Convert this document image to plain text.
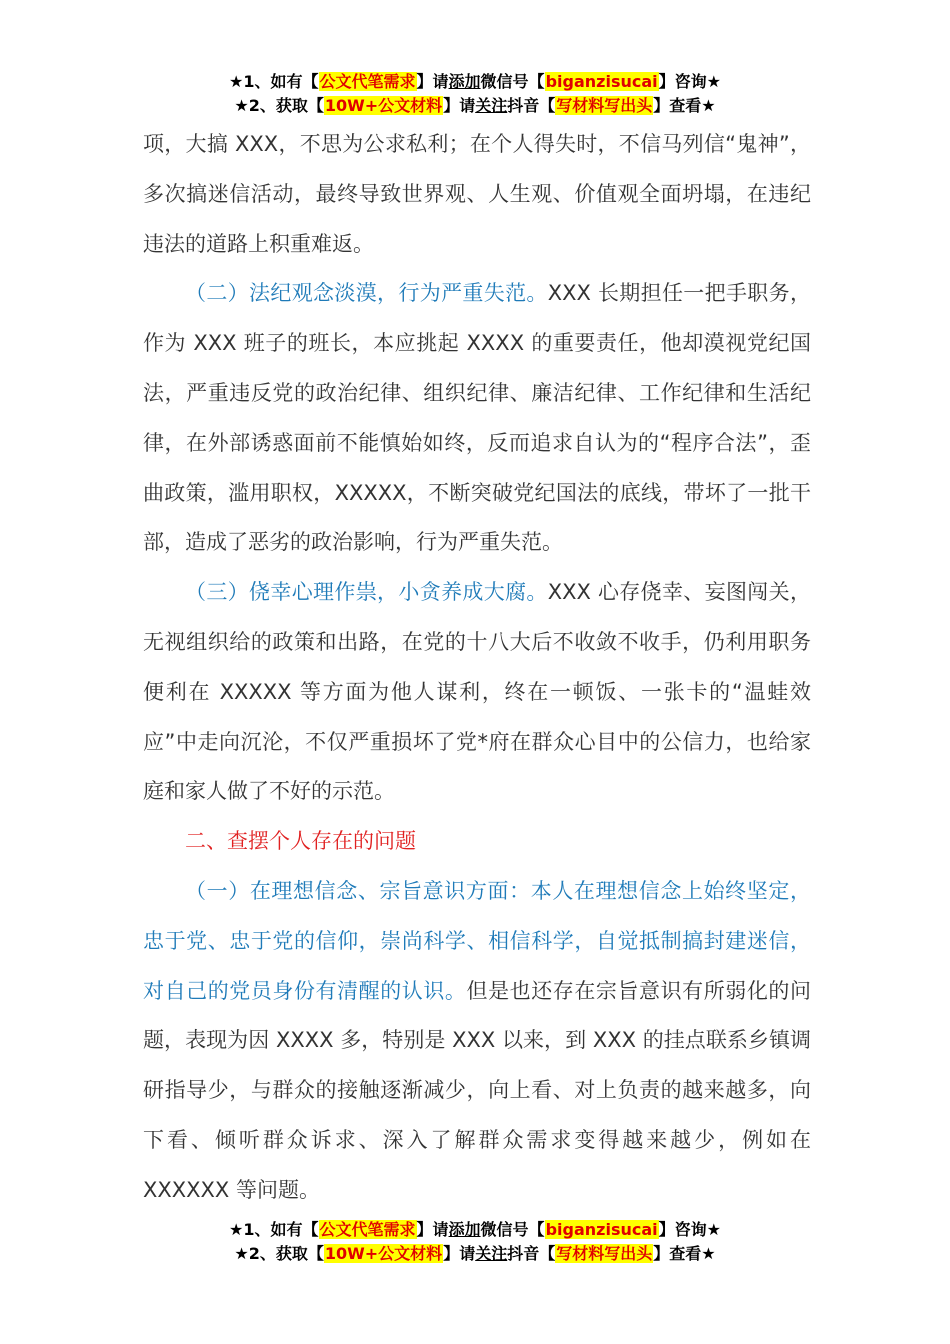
★1、如有【公文代笔需求】请添加微信号【biganzisucai】咨询★
★2、获取【10W+公文材料】请关注抖音【写材料写出头】查看★

项，大搞 XXX，不思为公求私利；在个人得失时，不信马列信“鬼神”，多次搞迷信活动，最终导致世界观、人生观、价值观全面坍塌，在违纪违法的道路上积重难返。

（二）法纪观念淡漠，行为严重失范。XXX 长期担任一把手职务，作为 XXX 班子的班长，本应挑起 XXXX 的重要责任，他却漠视党纪国法，严重违反党的政治纪律、组织纪律、廉洁纪律、工作纪律和生活纪律，在外部诱惑面前不能慎始如终，反而追求自认为的“程序合法”，歪曲政策，滥用职权，XXXXX，不断突破党纪国法的底线，带坏了一批干部，造成了恶劣的政治影响，行为严重失范。

（三）侥幸心理作祟，小贪养成大腐。XXX 心存侥幸、妄图闯关，无视组织给的政策和出路，在党的十八大后不收敛不收手，仍利用职务便利在 XXXXX 等方面为他人谋利，终在一顿饭、一张卡的“温蛙效应”中走向沉沦，不仅严重损坏了党*府在群众心目中的公信力，也给家庭和家人做了不好的示范。

二、查摆个人存在的问题

（一）在理想信念、宗旨意识方面：本人在理想信念上始终坚定，忠于党、忠于党的信仰，崇尚科学、相信科学，自觉抵制搞封建迷信，对自己的党员身份有清醒的认识。但是也还存在宗旨意识有所弱化的问题，表现为因 XXXX 多，特别是 XXX 以来，到 XXX 的挂点联系乡镇调研指导少，与群众的接触逐渐减少，向上看、对上负责的越来越多，向下看、倾听群众诉求、深入了解群众需求变得越来越少，例如在 XXXXXX 等问题。

★1、如有【公文代笔需求】请添加微信号【biganzisucai】咨询★
★2、获取【10W+公文材料】请关注抖音【写材料写出头】查看★
